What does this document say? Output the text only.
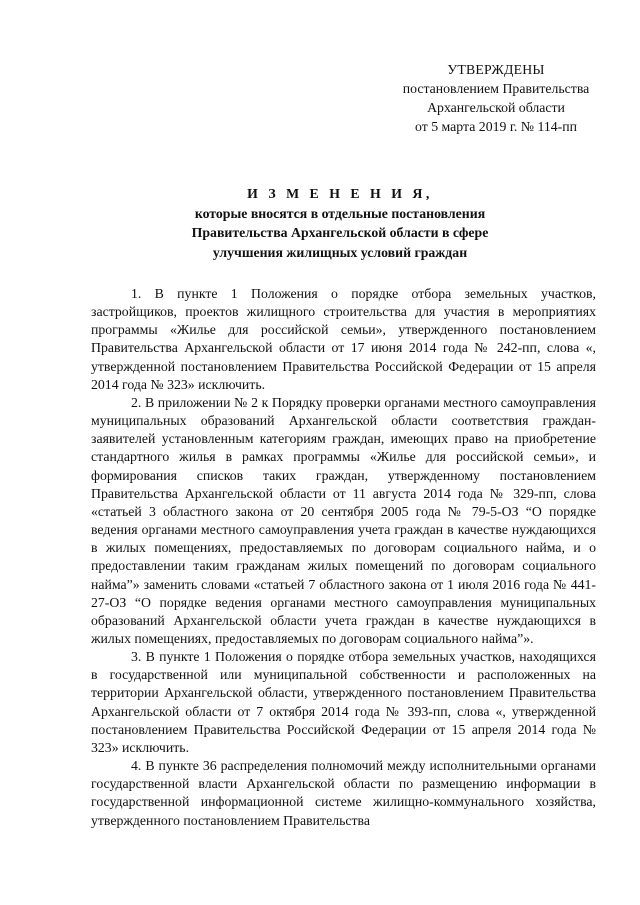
УТВЕРЖДЕНЫ
постановлением Правительства
Архангельской области
от 5 марта 2019 г. № 114-пп
И З М Е Н Е Н И Я,
которые вносятся в отдельные постановления
Правительства Архангельской области в сфере
улучшения жилищных условий граждан

1. В пункте 1 Положения о порядке отбора земельных участков, застройщиков, проектов жилищного строительства для участия в мероприятиях программы «Жилье для российской семьи», утвержденного постановлением Правительства Архангельской области от 17 июня 2014 года № 242-пп, слова «, утвержденной постановлением Правительства Российской Федерации от 15 апреля 2014 года № 323» исключить.

2. В приложении № 2 к Порядку проверки органами местного самоуправления муниципальных образований Архангельской области соответствия граждан-заявителей установленным категориям граждан, имеющих право на приобретение стандартного жилья в рамках программы «Жилье для российской семьи», и формирования списков таких граждан, утвержденному постановлением Правительства Архангельской области от 11 августа 2014 года № 329-пп, слова «статьей 3 областного закона от 20 сентября 2005 года № 79-5-ОЗ “О порядке ведения органами местного самоуправления учета граждан в качестве нуждающихся в жилых помещениях, предоставляемых по договорам социального найма, и о предоставлении таким гражданам жилых помещений по договорам социального найма”» заменить словами «статьей 7 областного закона от 1 июля 2016 года № 441-27-ОЗ “О порядке ведения органами местного самоуправления муниципальных образований Архангельской области учета граждан в качестве нуждающихся в жилых помещениях, предоставляемых по договорам социального найма”».

3. В пункте 1 Положения о порядке отбора земельных участков, находящихся в государственной или муниципальной собственности и расположенных на территории Архангельской области, утвержденного постановлением Правительства Архангельской области от 7 октября 2014 года № 393-пп, слова «, утвержденной постановлением Правительства Российской Федерации от 15 апреля 2014 года № 323» исключить.

4. В пункте 36 распределения полномочий между исполнительными органами государственной власти Архангельской области по размещению информации в государственной информационной системе жилищно-коммунального хозяйства, утвержденного постановлением Правительства
